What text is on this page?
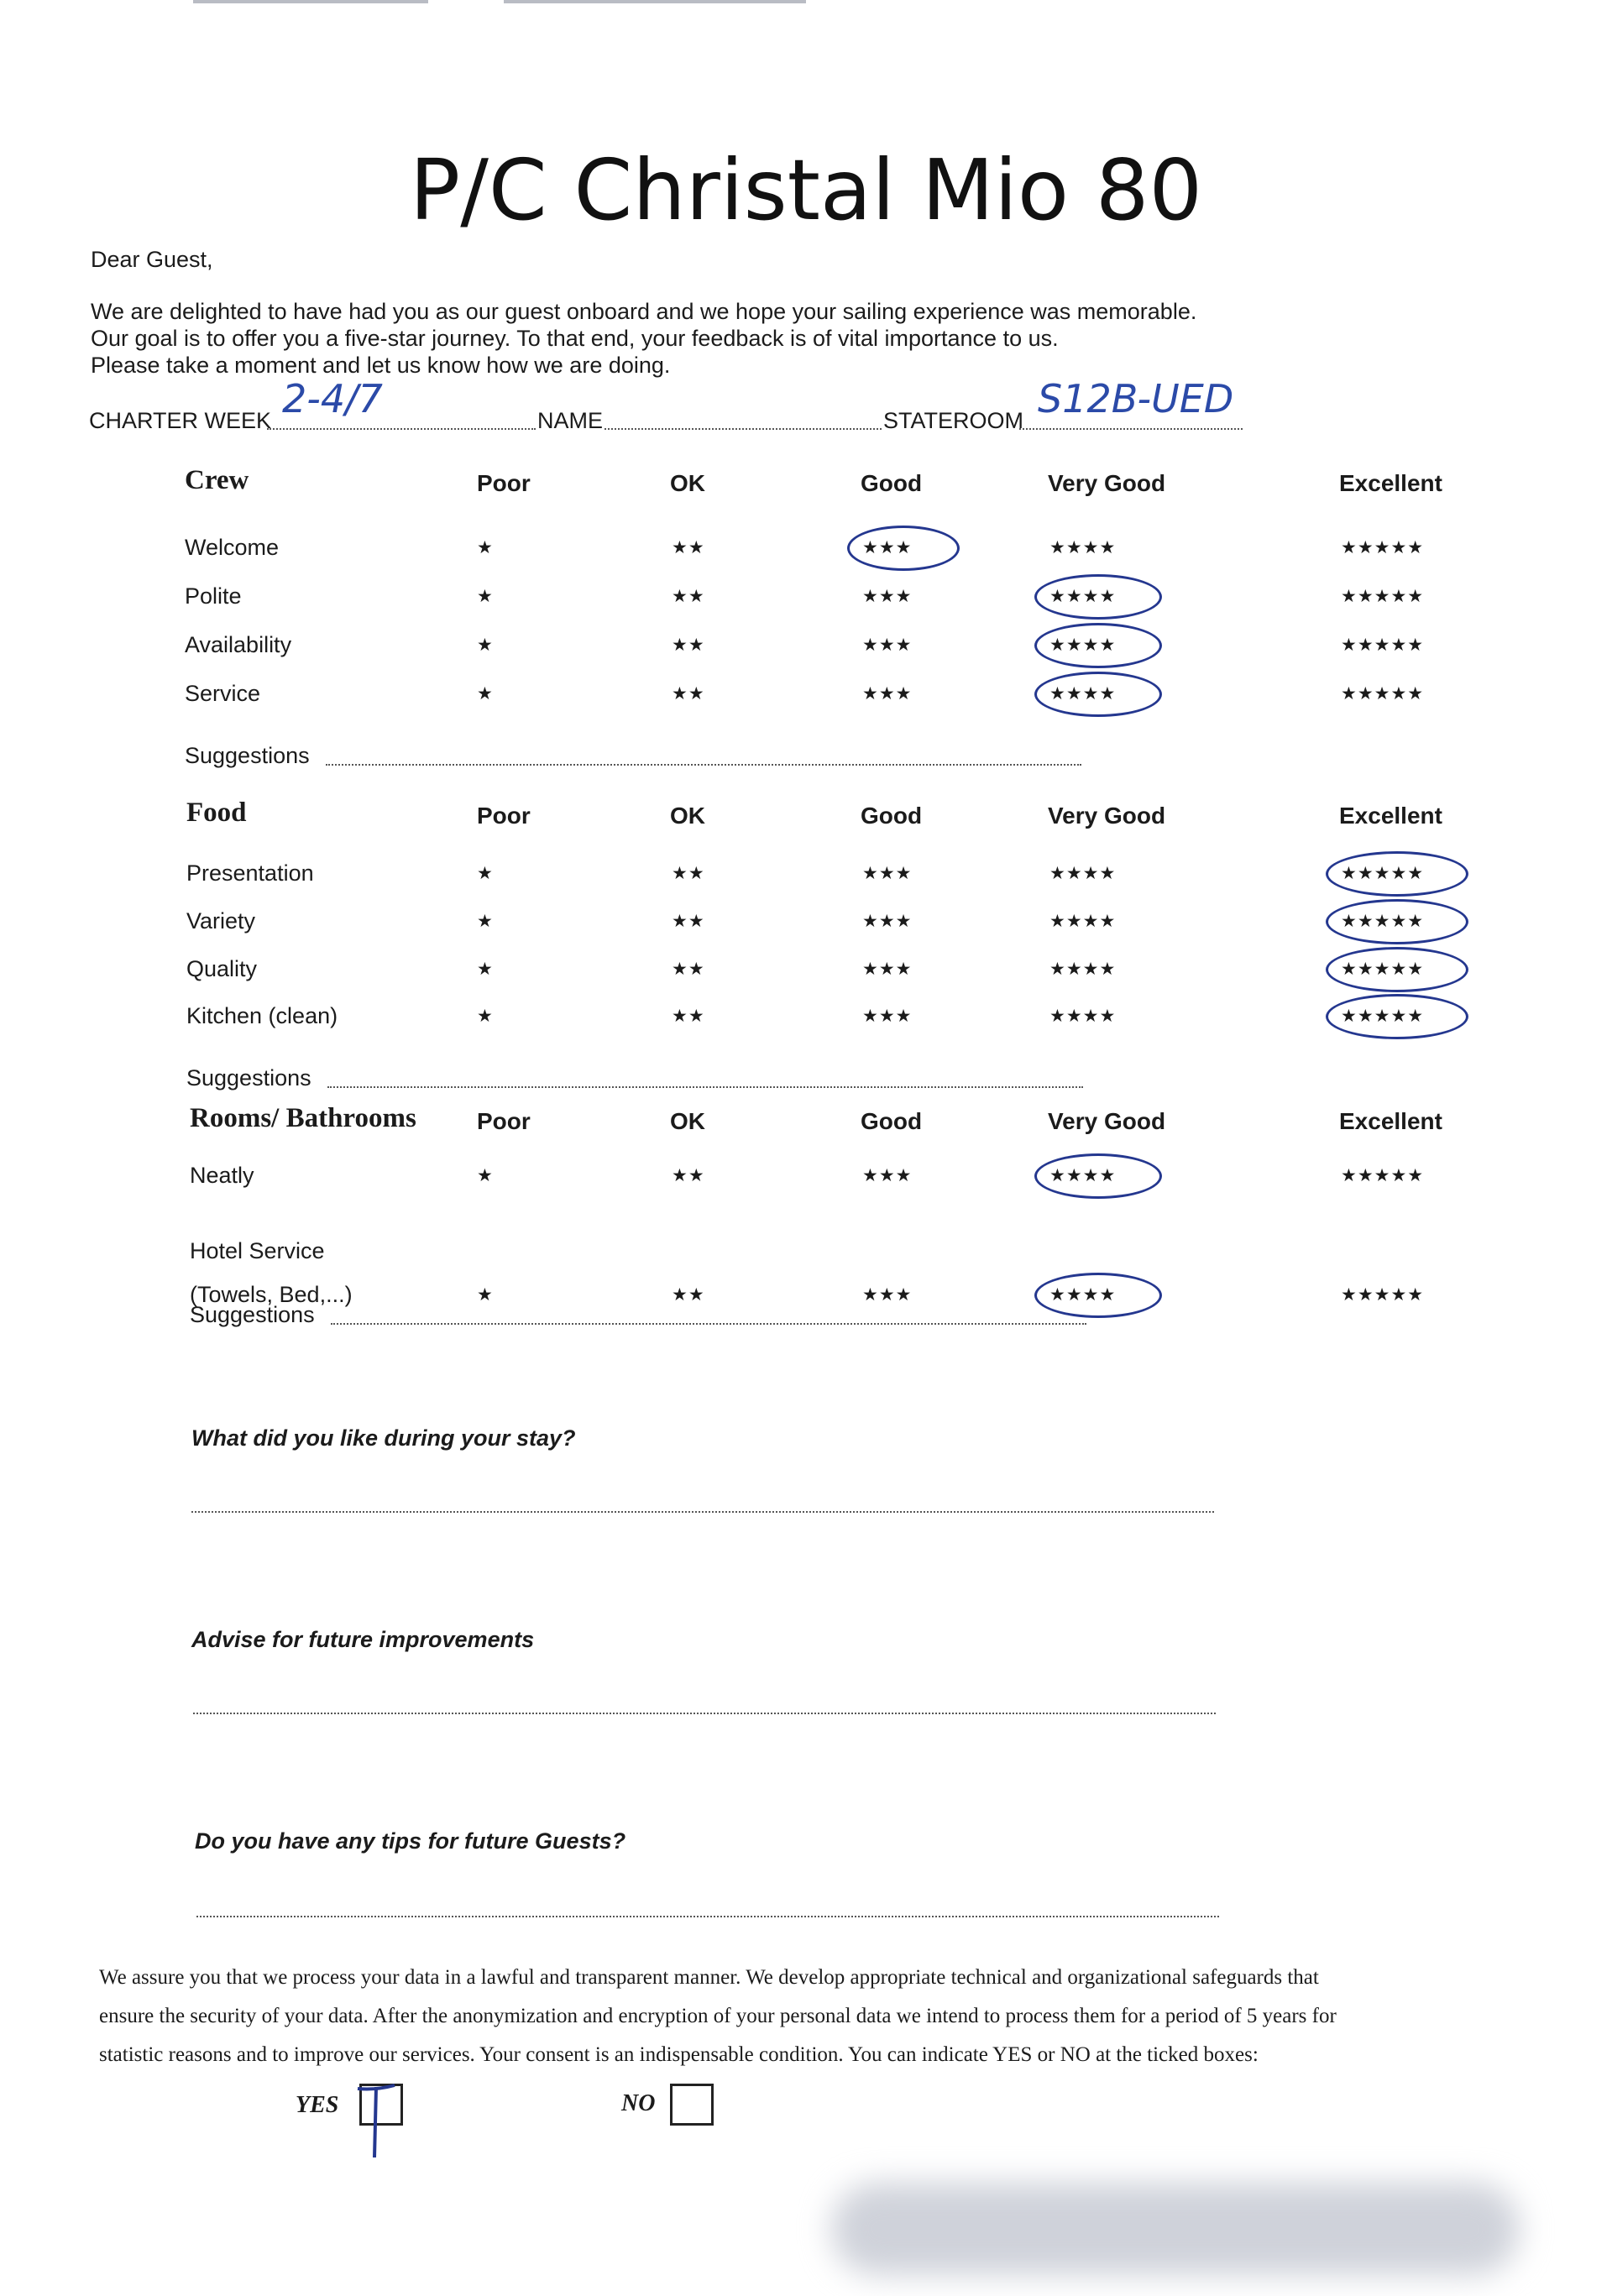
P/C Christal Mio 80
Dear Guest,
We are delighted to have had you as our guest onboard and we hope your sailing experience was memorable.
Our goal is to offer you a five-star journey. To that end, your feedback is of vital importance to us.
Please take a moment and let us know how we are doing.
CHARTER WEEK 2-4/7	NAME	STATEROOM S12B-UED
Crew	Poor	OK	Good	Very Good	Excellent
Welcome	★	★★	★★★	★★★★	★★★★★
Polite	★	★★	★★★	★★★★	★★★★★
Availability	★	★★	★★★	★★★★	★★★★★
Service	★	★★	★★★	★★★★	★★★★★
Suggestions
Food	Poor	OK	Good	Very Good	Excellent
Presentation	★	★★	★★★	★★★★	★★★★★
Variety	★	★★	★★★	★★★★	★★★★★
Quality	★	★★	★★★	★★★★	★★★★★
Kitchen (clean)	★	★★	★★★	★★★★	★★★★★
Suggestions
Rooms/ Bathrooms	Poor	OK	Good	Very Good	Excellent
Neatly	★	★★	★★★	★★★★	★★★★★
Hotel Service
(Towels, Bed,...)	★	★★	★★★	★★★★	★★★★★
Suggestions
What did you like during your stay?
Advise for future improvements
Do you have any tips for future Guests?
We assure you that we process your data in a lawful and transparent manner. We develop appropriate technical and organizational safeguards that
ensure the security of your data. After the anonymization and encryption of your personal data we intend to process them for a period of 5 years for
statistic reasons and to improve our services. Your consent is an indispensable condition. You can indicate YES or NO at the ticked boxes:
YES	NO
